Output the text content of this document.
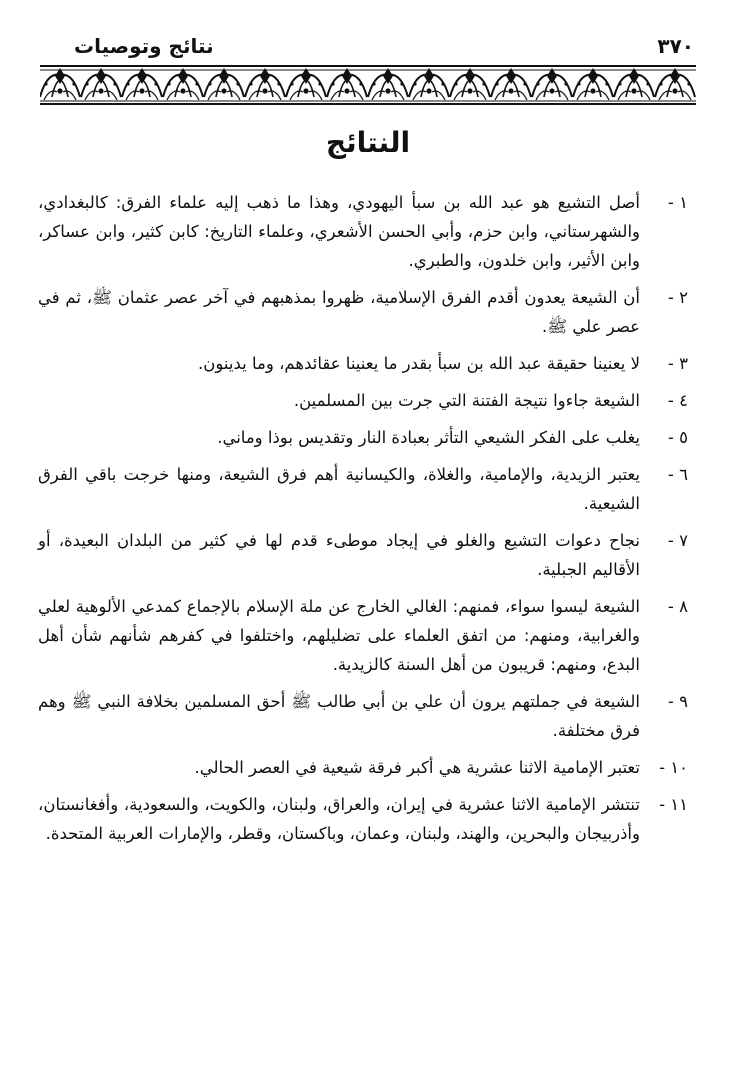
نتائج وتوصيات	٣٧٠
النتائج
١ -
أصل التشيع هو عبد الله بن سبأ اليهودي، وهذا ما ذهب إليه علماء الفرق: كالبغدادي، والشهرستاني، وابن حزم، وأبي الحسن الأشعري، وعلماء التاريخ: كابن كثير، وابن عساكر، وابن الأثير، وابن خلدون، والطبري.
٢ -
أن الشيعة يعدون أقدم الفرق الإسلامية، ظهروا بمذهبهم في آخر عصر عثمان ﷺ، ثم في عصر علي ﷺ.
٣ -
لا يعنينا حقيقة عبد الله بن سبأ بقدر ما يعنينا عقائدهم، وما يدينون.
٤ -
الشيعة جاءوا نتيجة الفتنة التي جرت بين المسلمين.
٥ -
يغلب على الفكر الشيعي التأثر بعبادة النار وتقديس بوذا وماني.
٦ -
يعتبر الزيدية، والإمامية، والغلاة، والكيسانية أهم فرق الشيعة، ومنها خرجت باقي الفرق الشيعية.
٧ -
نجاح دعوات التشيع والغلو في إيجاد موطىء قدم لها في كثير من البلدان البعيدة، أو الأقاليم الجبلية.
٨ -
الشيعة ليسوا سواء، فمنهم: الغالي الخارج عن ملة الإسلام بالإجماع كمدعي الألوهية لعلي والغرابية، ومنهم: من اتفق العلماء على تضليلهم، واختلفوا في كفرهم شأنهم شأن أهل البدع، ومنهم: قريبون من أهل السنة كالزيدية.
٩ -
الشيعة في جملتهم يرون أن علي بن أبي طالب ﷺ أحق المسلمين بخلافة النبي ﷺ وهم فرق مختلفة.
١٠ -
تعتبر الإمامية الاثنا عشرية هي أكبر فرقة شيعية في العصر الحالي.
١١ -
تنتشر الإمامية الاثنا عشرية في إيران، والعراق، ولبنان، والكويت، والسعودية، وأفغانستان، وأذربيجان والبحرين، والهند، ولبنان، وعمان، وباكستان، وقطر، والإمارات العربية المتحدة.
